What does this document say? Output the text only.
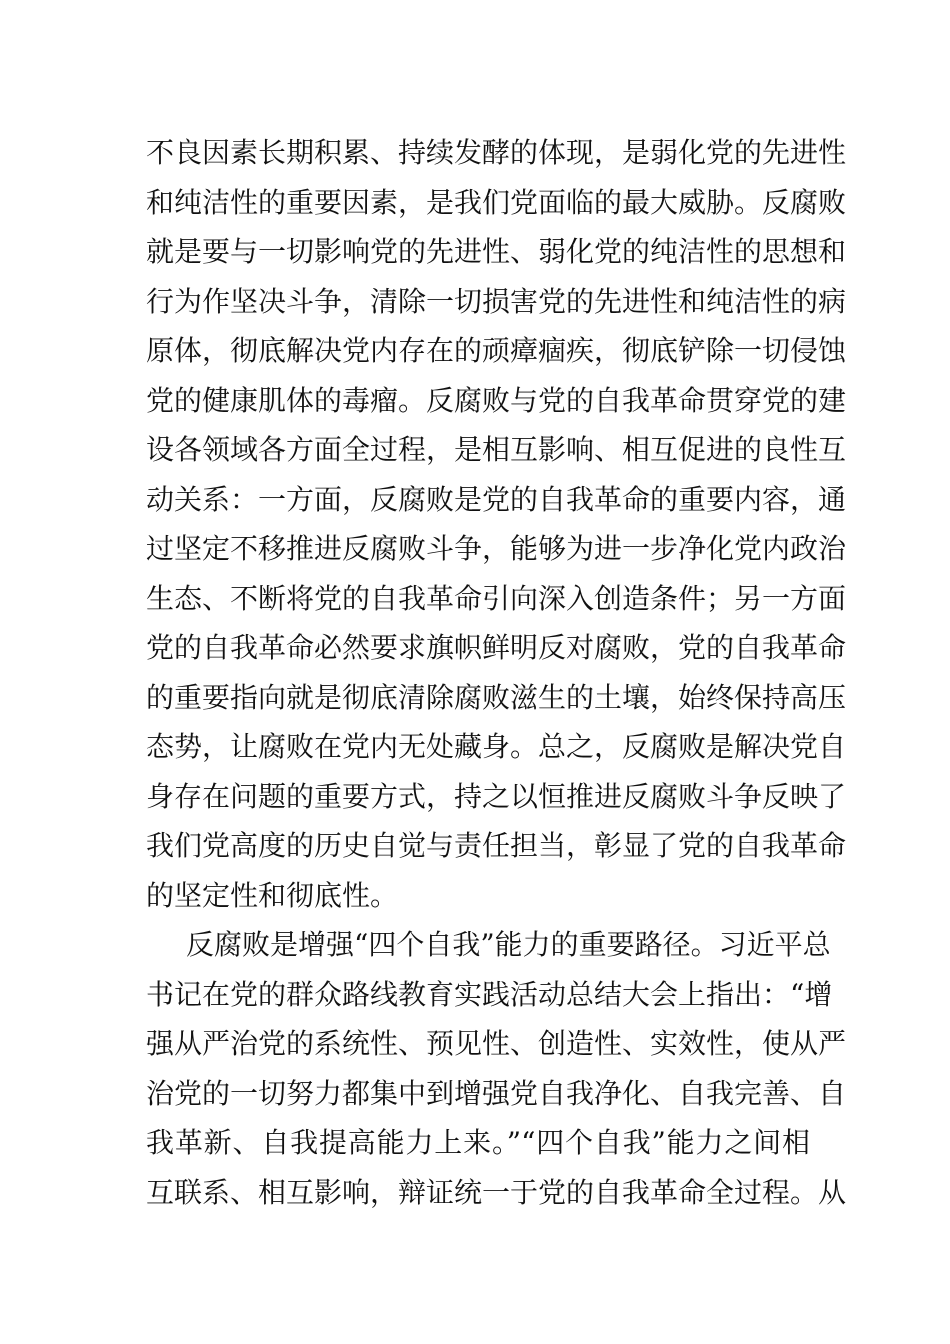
不良因素长期积累、持续发酵的体现，是弱化党的先进性
和纯洁性的重要因素，是我们党面临的最大威胁。反腐败
就是要与一切影响党的先进性、弱化党的纯洁性的思想和
行为作坚决斗争，清除一切损害党的先进性和纯洁性的病
原体，彻底解决党内存在的顽瘴痼疾，彻底铲除一切侵蚀
党的健康肌体的毒瘤。反腐败与党的自我革命贯穿党的建
设各领域各方面全过程，是相互影响、相互促进的良性互
动关系：一方面，反腐败是党的自我革命的重要内容，通
过坚定不移推进反腐败斗争，能够为进一步净化党内政治
生态、不断将党的自我革命引向深入创造条件；另一方面
党的自我革命必然要求旗帜鲜明反对腐败，党的自我革命
的重要指向就是彻底清除腐败滋生的土壤，始终保持高压
态势，让腐败在党内无处藏身。总之，反腐败是解决党自
身存在问题的重要方式，持之以恒推进反腐败斗争反映了
我们党高度的历史自觉与责任担当，彰显了党的自我革命
的坚定性和彻底性。
反腐败是增强“四个自我”能力的重要路径。习近平总
书记在党的群众路线教育实践活动总结大会上指出：“增
强从严治党的系统性、预见性、创造性、实效性，使从严
治党的一切努力都集中到增强党自我净化、自我完善、自
我革新、自我提高能力上来。”“四个自我”能力之间相
互联系、相互影响，辩证统一于党的自我革命全过程。从
